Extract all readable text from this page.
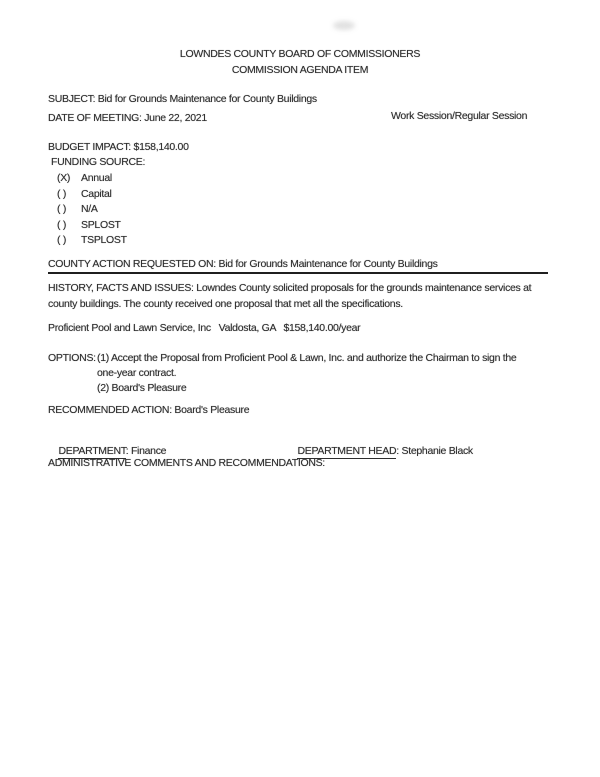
LOWNDES COUNTY BOARD OF COMMISSIONERS
COMMISSION AGENDA ITEM
SUBJECT: Bid for Grounds Maintenance for County Buildings
DATE OF MEETING: June 22, 2021	Work Session/Regular Session
BUDGET IMPACT: $158,140.00
FUNDING SOURCE:
(X)	Annual
( )	Capital
( )	N/A
( )	SPLOST
( )	TSPLOST
COUNTY ACTION REQUESTED ON: Bid for Grounds Maintenance for County Buildings
HISTORY, FACTS AND ISSUES: Lowndes County solicited proposals for the grounds maintenance services at
county buildings. The county received one proposal that met all the specifications.
Proficient Pool and Lawn Service, Inc   Valdosta, GA   $158,140.00/year
OPTIONS: (1) Accept the Proposal from Proficient Pool & Lawn, Inc. and authorize the Chairman to sign the
one-year contract.
(2) Board's Pleasure
RECOMMENDED ACTION: Board's Pleasure

DEPARTMENT: Finance
	DEPARTMENT HEAD: Stephanie Black

ADMINISTRATIVE COMMENTS AND RECOMMENDATIONS:
